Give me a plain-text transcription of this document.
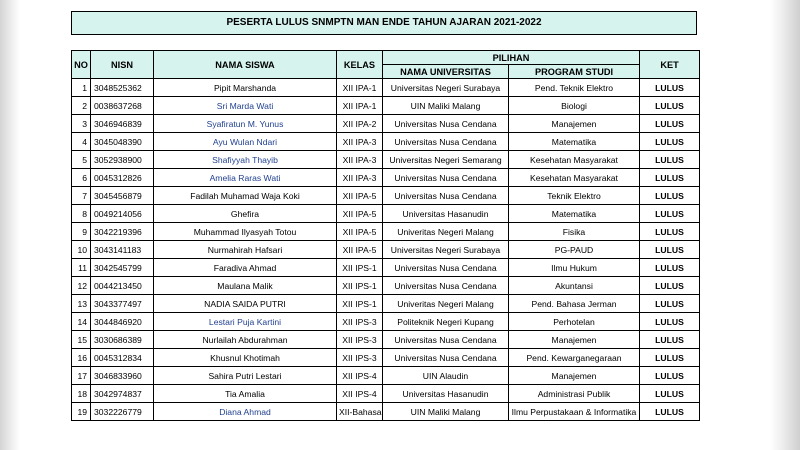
PESERTA LULUS SNMPTN MAN ENDE TAHUN AJARAN 2021-2022
NO	NISN	NAMA SISWA	KELAS	PILIHAN		KET
				NAMA UNIVERSITAS	PROGRAM STUDI	
1	3048525362	Pipit Marshanda	XII IPA-1	Universitas Negeri Surabaya	Pend. Teknik Elektro	LULUS
2	0038637268	Sri Marda Wati	XII IPA-1	UIN Maliki Malang	Biologi	LULUS
3	3046946839	Syafiratun M. Yunus	XII IPA-2	Universitas Nusa Cendana	Manajemen	LULUS
4	3045048390	Ayu Wulan Ndari	XII IPA-3	Universitas Nusa Cendana	Matematika	LULUS
5	3052938900	Shafiyyah Thayib	XII IPA-3	Universitas Negeri Semarang	Kesehatan Masyarakat	LULUS
6	0045312826	Amelia Raras Wati	XII IPA-3	Universitas Nusa Cendana	Kesehatan Masyarakat	LULUS
7	3045456879	Fadilah Muhamad Waja Koki	XII IPA-5	Universitas Nusa Cendana	Teknik Elektro	LULUS
8	0049214056	Ghefira	XII IPA-5	Universitas Hasanudin	Matematika	LULUS
9	3042219396	Muhammad Ilyasyah Totou	XII IPA-5	Univeritas Negeri Malang	Fisika	LULUS
10	3043141183	Nurmahirah Hafsari	XII IPA-5	Universitas Negeri Surabaya	PG-PAUD	LULUS
11	3042545799	Faradiva Ahmad	XII IPS-1	Universitas Nusa Cendana	Ilmu Hukum	LULUS
12	0044213450	Maulana Malik	XII IPS-1	Universitas Nusa Cendana	Akuntansi	LULUS
13	3043377497	NADIA SAIDA PUTRI	XII IPS-1	Univeritas Negeri Malang	Pend. Bahasa Jerman	LULUS
14	3044846920	Lestari Puja Kartini	XII IPS-3	Politeknik Negeri Kupang	Perhotelan	LULUS
15	3030686389	Nurlailah Abdurahman	XII IPS-3	Universitas Nusa Cendana	Manajemen	LULUS
16	0045312834	Khusnul Khotimah	XII IPS-3	Universitas Nusa Cendana	Pend. Kewarganegaraan	LULUS
17	3046833960	Sahira Putri Lestari	XII IPS-4	UIN Alaudin	Manajemen	LULUS
18	3042974837	Tia Amalia	XII IPS-4	Universitas Hasanudin	Administrasi Publik	LULUS
19	3032226779	Diana Ahmad	XII-Bahasa	UIN Maliki Malang	Ilmu Perpustakaan & Informatika	LULUS
